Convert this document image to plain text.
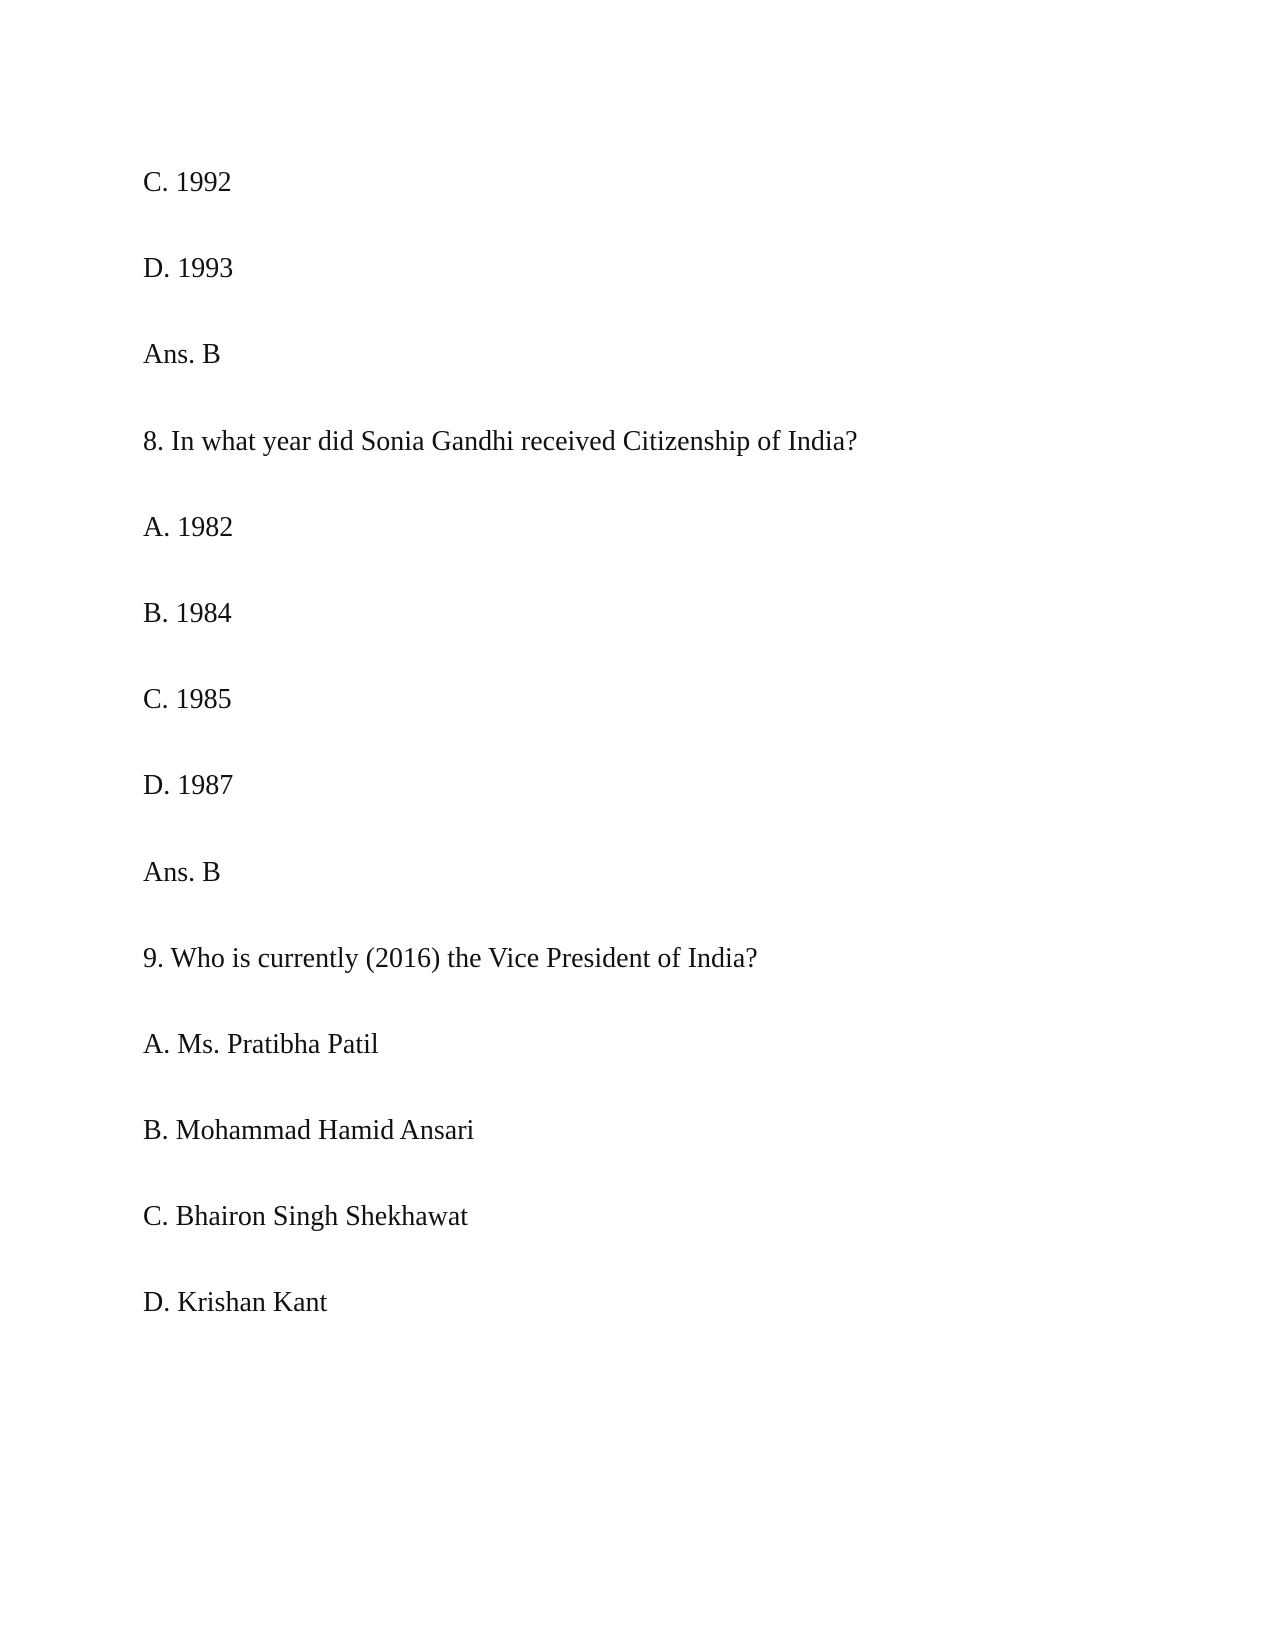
C. 1992
D. 1993
Ans. B
8. In what year did Sonia Gandhi received Citizenship of India?
A. 1982
B. 1984
C. 1985
D. 1987
Ans. B
9. Who is currently (2016) the Vice President of India?
A. Ms. Pratibha Patil
B. Mohammad Hamid Ansari
C. Bhairon Singh Shekhawat
D. Krishan Kant
